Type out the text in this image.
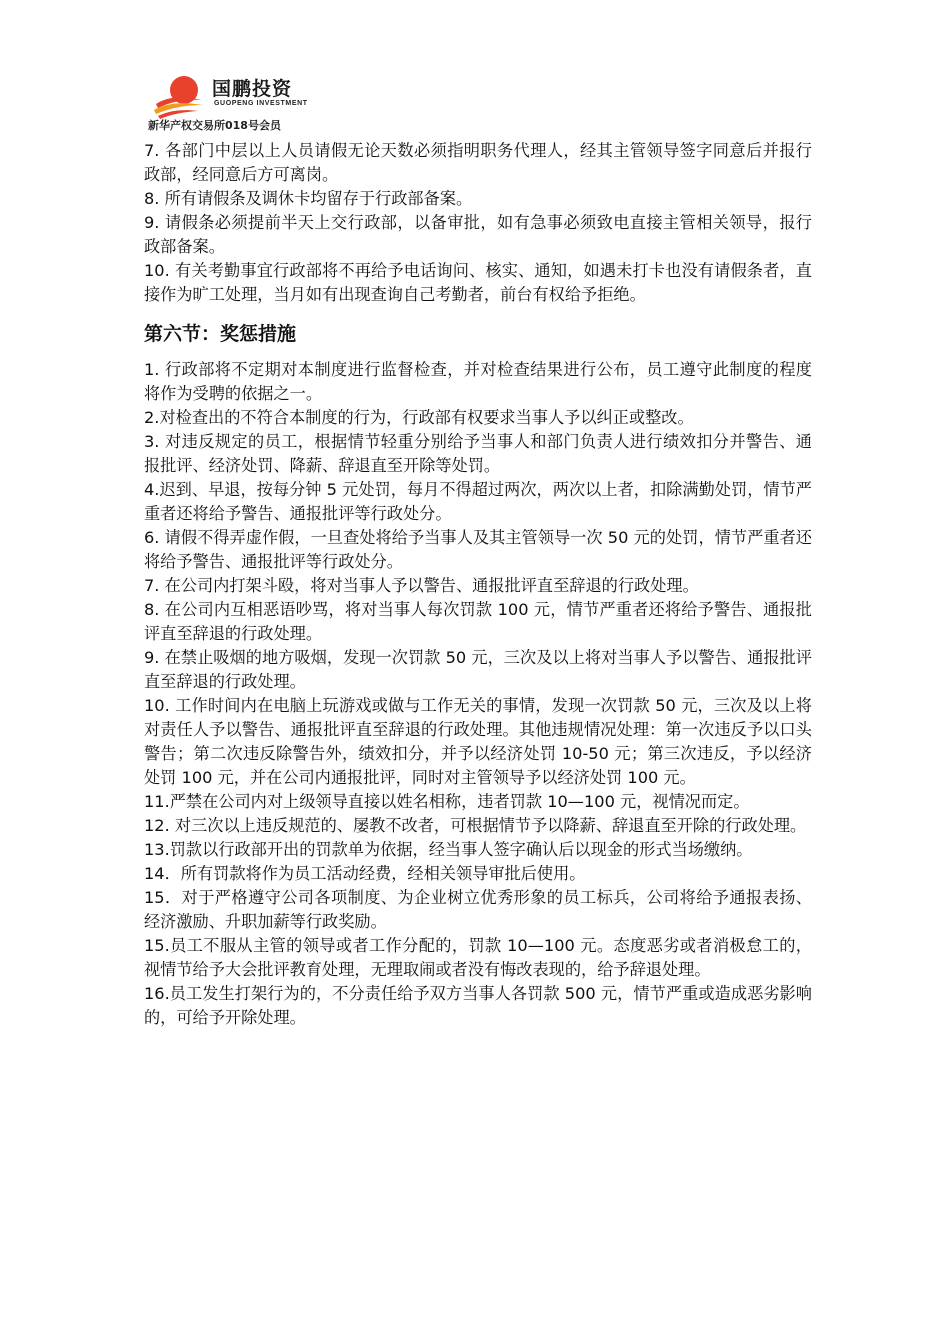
国鹏投资
GUOPENG INVESTMENT
新华产权交易所018号会员

7. 各部门中层以上人员请假无论天数必须指明职务代理人，经其主管领导签字同意后并报行政部，经同意后方可离岗。

8. 所有请假条及调休卡均留存于行政部备案。

9. 请假条必须提前半天上交行政部，以备审批，如有急事必须致电直接主管相关领导，报行政部备案。

10. 有关考勤事宜行政部将不再给予电话询问、核实、通知，如遇未打卡也没有请假条者，直接作为旷工处理，当月如有出现查询自己考勤者，前台有权给予拒绝。

第六节：奖惩措施

1. 行政部将不定期对本制度进行监督检查，并对检查结果进行公布，员工遵守此制度的程度将作为受聘的依据之一。

2.对检查出的不符合本制度的行为，行政部有权要求当事人予以纠正或整改。

3. 对违反规定的员工，根据情节轻重分别给予当事人和部门负责人进行绩效扣分并警告、通报批评、经济处罚、降薪、辞退直至开除等处罚。

4.迟到、早退，按每分钟 5 元处罚，每月不得超过两次，两次以上者，扣除满勤处罚，情节严重者还将给予警告、通报批评等行政处分。

6. 请假不得弄虚作假，一旦查处将给予当事人及其主管领导一次 50 元的处罚，情节严重者还将给予警告、通报批评等行政处分。

7. 在公司内打架斗殴，将对当事人予以警告、通报批评直至辞退的行政处理。

8. 在公司内互相恶语吵骂，将对当事人每次罚款 100 元，情节严重者还将给予警告、通报批评直至辞退的行政处理。

9. 在禁止吸烟的地方吸烟，发现一次罚款 50 元，三次及以上将对当事人予以警告、通报批评直至辞退的行政处理。

10. 工作时间内在电脑上玩游戏或做与工作无关的事情，发现一次罚款 50 元，三次及以上将对责任人予以警告、通报批评直至辞退的行政处理。其他违规情况处理：第一次违反予以口头警告；第二次违反除警告外，绩效扣分，并予以经济处罚 10-50 元；第三次违反，予以经济处罚 100 元，并在公司内通报批评，同时对主管领导予以经济处罚 100 元。

11.严禁在公司内对上级领导直接以姓名相称，违者罚款 10—100 元，视情况而定。

12. 对三次以上违反规范的、屡教不改者，可根据情节予以降薪、辞退直至开除的行政处理。

13.罚款以行政部开出的罚款单为依据，经当事人签字确认后以现金的形式当场缴纳。

14．所有罚款将作为员工活动经费，经相关领导审批后使用。

15．对于严格遵守公司各项制度、为企业树立优秀形象的员工标兵，公司将给予通报表扬、经济激励、升职加薪等行政奖励。

15.员工不服从主管的领导或者工作分配的，罚款 10—100 元。态度恶劣或者消极怠工的，视情节给予大会批评教育处理，无理取闹或者没有悔改表现的，给予辞退处理。

16.员工发生打架行为的，不分责任给予双方当事人各罚款 500 元，情节严重或造成恶劣影响的，可给予开除处理。
